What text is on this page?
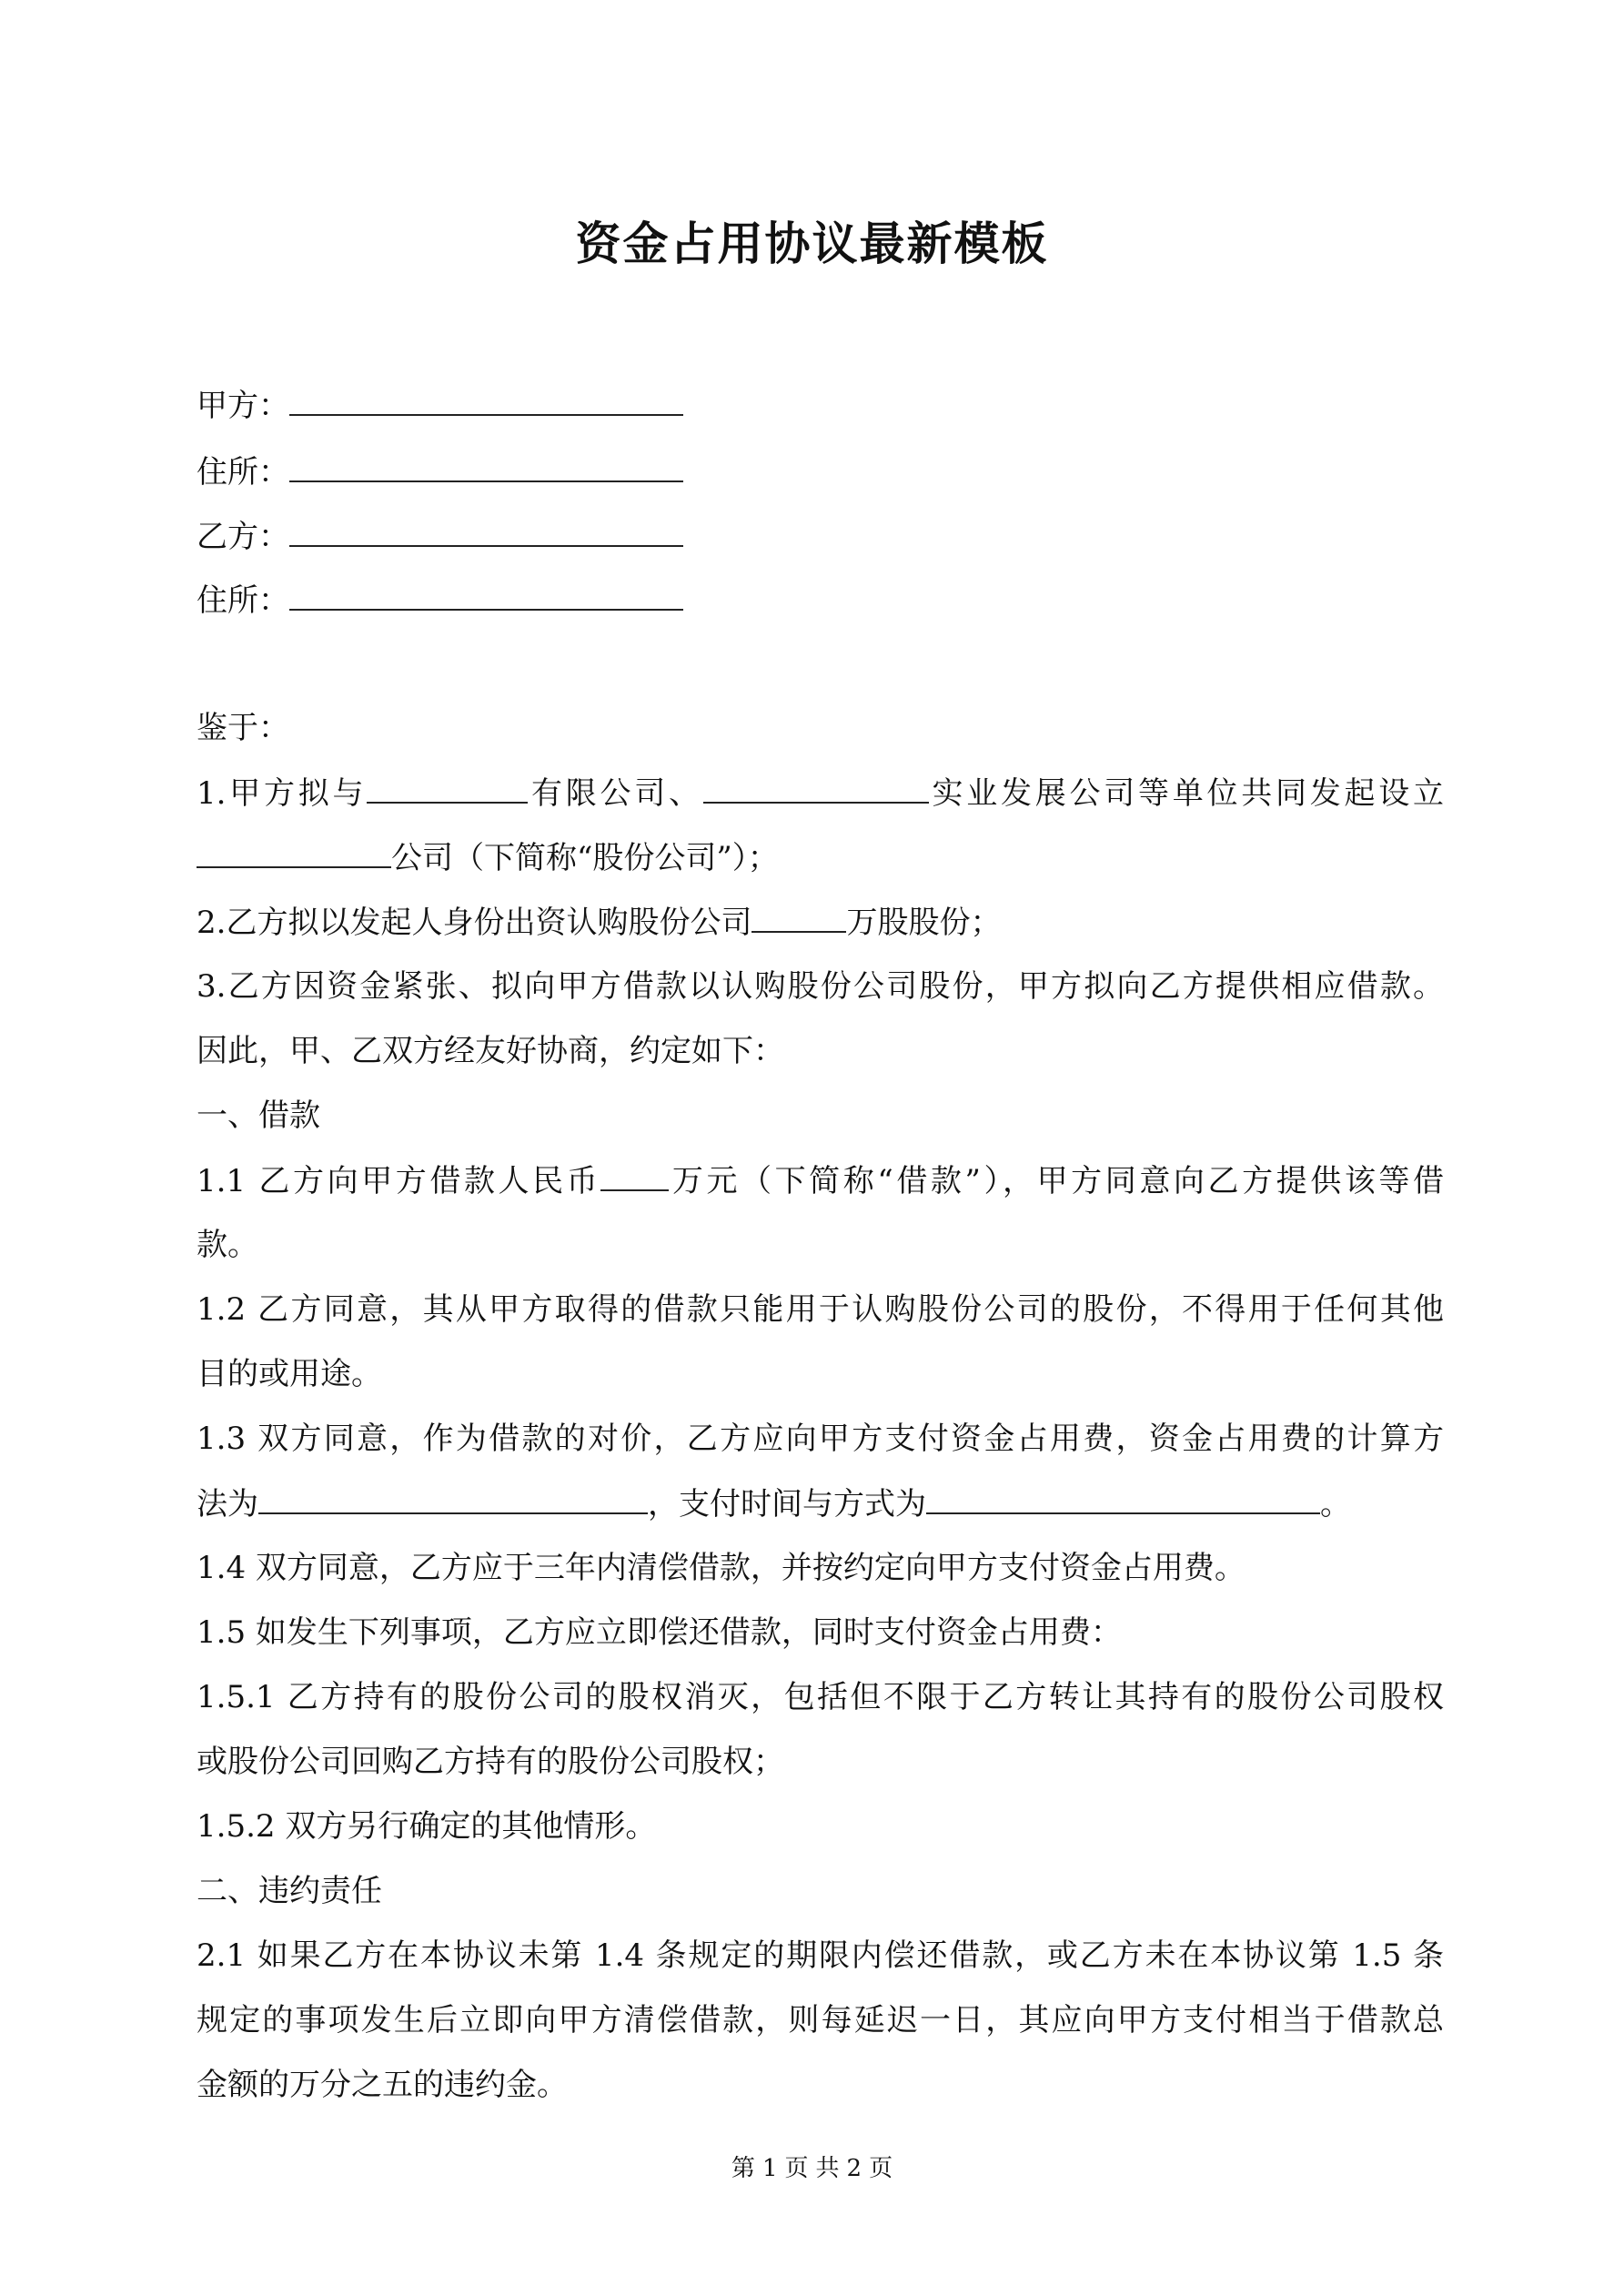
资金占用协议最新模板
甲方：
住所：
乙方：
住所：
鉴于：
1.甲方拟与	有限公司、	实业发展公司等单位共同发起设立
公司（下简称“股份公司”）；
2.乙方拟以发起人身份出资认购股份公司	万股股份；
3.乙方因资金紧张、拟向甲方借款以认购股份公司股份，甲方拟向乙方提供相应借款。
因此，甲、乙双方经友好协商，约定如下：
一、借款
1.1 乙方向甲方借款人民币 万元（下简称“借款”），甲方同意向乙方提供该等借
款。
1.2 乙方同意，其从甲方取得的借款只能用于认购股份公司的股份，不得用于任何其他
目的或用途。
1.3 双方同意，作为借款的对价，乙方应向甲方支付资金占用费，资金占用费的计算方
法为	，支付时间与方式为	。
1.4 双方同意，乙方应于三年内清偿借款，并按约定向甲方支付资金占用费。
1.5 如发生下列事项，乙方应立即偿还借款，同时支付资金占用费：
1.5.1 乙方持有的股份公司的股权消灭，包括但不限于乙方转让其持有的股份公司股权
或股份公司回购乙方持有的股份公司股权；
1.5.2 双方另行确定的其他情形。
二、违约责任
2.1 如果乙方在本协议未第 1.4 条规定的期限内偿还借款，或乙方未在本协议第 1.5 条
规定的事项发生后立即向甲方清偿借款，则每延迟一日，其应向甲方支付相当于借款总
金额的万分之五的违约金。
第 1 页 共 2 页
